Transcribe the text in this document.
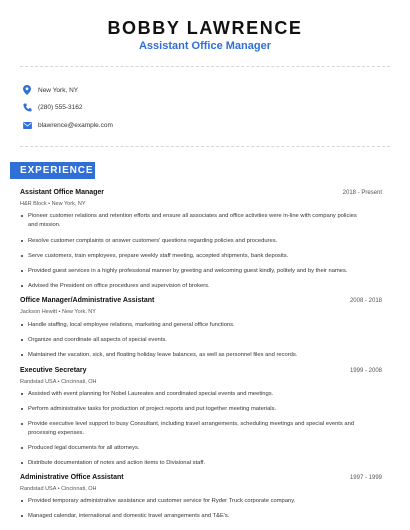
BOBBY LAWRENCE
Assistant Office Manager
New York, NY
(280) 555-3162
blawrence@example.com
EXPERIENCE
Assistant Office Manager	2018 - Present
H&R Block • New York, NY
Pioneer customer relations and retention efforts and ensure all associates and office activities were in-line with company policies and mission.
Resolve customer complaints or answer customers' questions regarding policies and procedures.
Serve customers, train employees, prepare weekly staff meeting, accepted shipments, bank deposits.
Provided guest services in a highly professional manner by greeting and welcoming guest kindly, politely and by their names.
Advised the President on office procedures and supervision of brokers.
Office Manager/Administrative Assistant	2008 - 2018
Jackson Hewitt • New York, NY
Handle staffing, local employee relations, marketing and general office functions.
Organize and coordinate all aspects of special events.
Maintained the vacation, sick, and floating holiday leave balances, as well as personnel files and records.
Executive Secretary	1999 - 2008
Randstad USA • Cincinnati, OH
Assisted with event planning for Nobel Laureates and coordinated special events and meetings.
Perform administrative tasks for production of project reports and put together meeting materials.
Provide executive level support to busy Consultant, including travel arrangements, scheduling meetings and special events and processing expenses.
Produced legal documents for all attorneys.
Distribute documentation of notes and action items to Divisional staff.
Administrative Office Assistant	1997 - 1999
Randstad USA • Cincinnati, OH
Provided temporary administrative assistance and customer service for Ryder Truck corporate company.
Managed calendar, international and domestic travel arrangements and T&E's.
